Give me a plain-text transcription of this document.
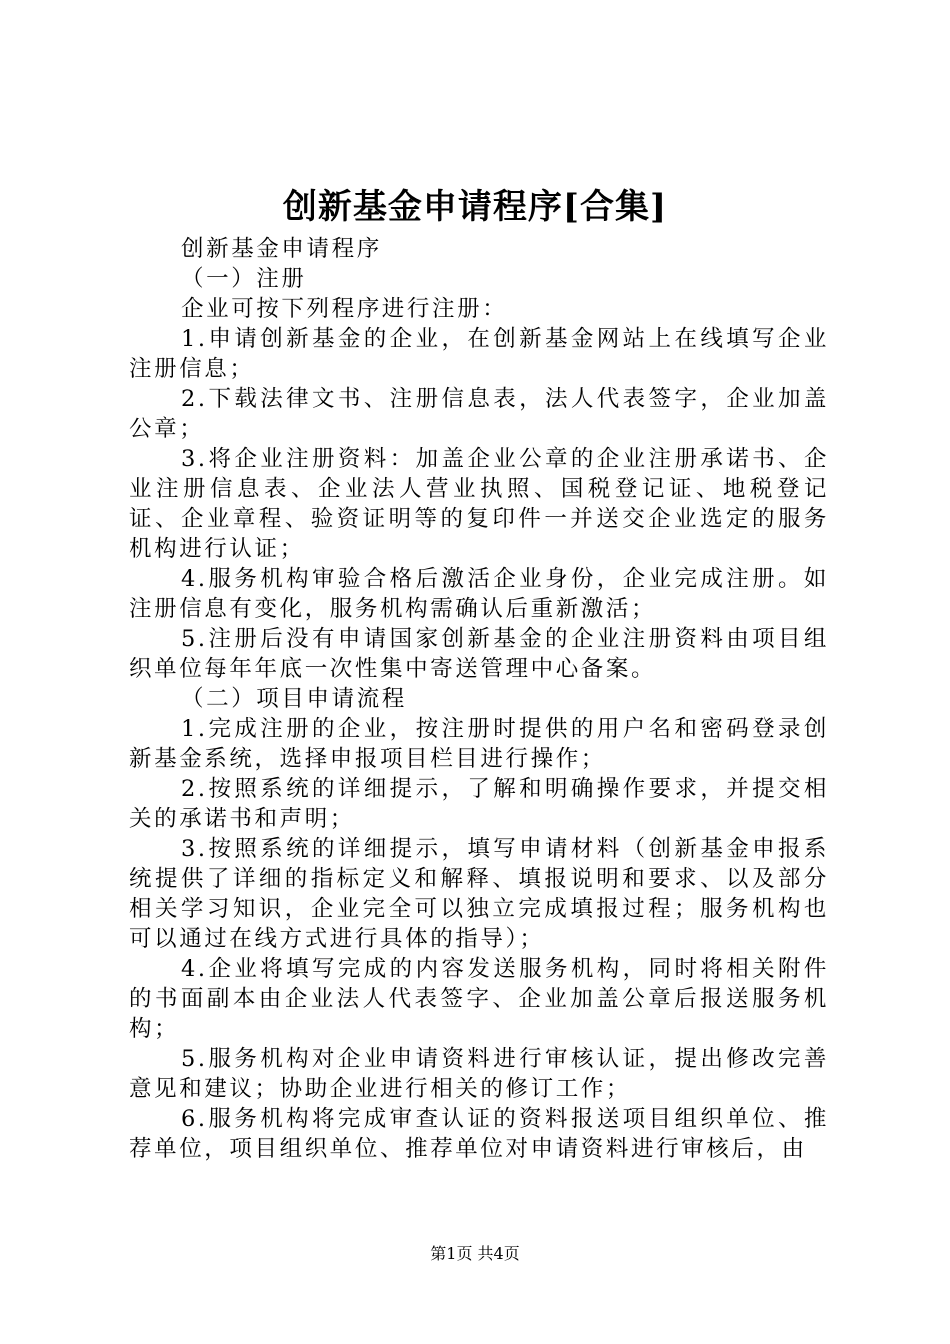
创新基金申请程序[合集]

创新基金申请程序

（一）注册

企业可按下列程序进行注册：

1.申请创新基金的企业，在创新基金网站上在线填写企业注册信息；

2.下载法律文书、注册信息表，法人代表签字，企业加盖公章；

3.将企业注册资料：加盖企业公章的企业注册承诺书、企业注册信息表、企业法人营业执照、国税登记证、地税登记证、企业章程、验资证明等的复印件一并送交企业选定的服务机构进行认证；

4.服务机构审验合格后激活企业身份，企业完成注册。如注册信息有变化，服务机构需确认后重新激活；

5.注册后没有申请国家创新基金的企业注册资料由项目组织单位每年年底一次性集中寄送管理中心备案。

（二）项目申请流程

1.完成注册的企业，按注册时提供的用户名和密码登录创新基金系统，选择申报项目栏目进行操作；

2.按照系统的详细提示，了解和明确操作要求，并提交相关的承诺书和声明；

3.按照系统的详细提示，填写申请材料（创新基金申报系统提供了详细的指标定义和解释、填报说明和要求、以及部分相关学习知识，企业完全可以独立完成填报过程；服务机构也可以通过在线方式进行具体的指导）；

4.企业将填写完成的内容发送服务机构，同时将相关附件的书面副本由企业法人代表签字、企业加盖公章后报送服务机构；

5.服务机构对企业申请资料进行审核认证，提出修改完善意见和建议；协助企业进行相关的修订工作；

6.服务机构将完成审查认证的资料报送项目组织单位、推荐单位，项目组织单位、推荐单位对申请资料进行审核后，由

第1页 共4页
